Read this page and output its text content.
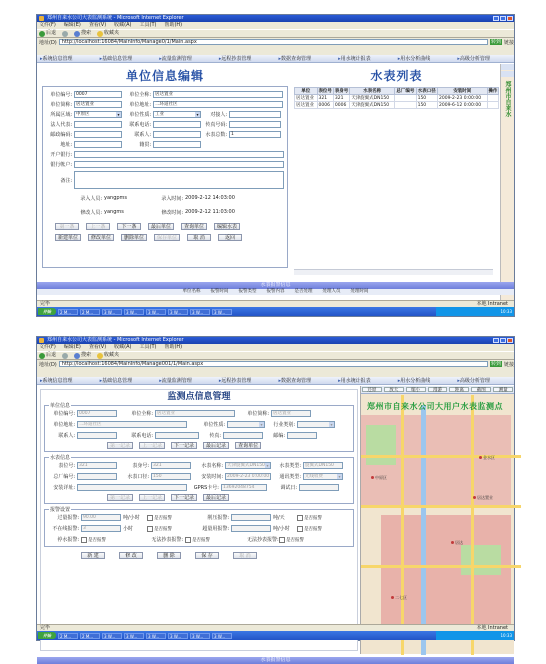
郑州自来水公司大表监测系统 - Microsoft Internet Explorer
文件(F) 编辑(E) 查看(V) 收藏(A) 工具(T) 帮助(H)
后退	搜索	收藏夹
地址(D)	http://localhost:16084/MainInfo/Manage0/1/Main.aspx	转到 链接
▸ 系统信息管理	▸ 基础信息管理	▸ 流量监测管理	▸ 远程抄表管理	▸ 数据查询管理	▸ 用水统计报表	▸ 用水分析曲线	▸ 高级分析管理
单位信息编辑
单位编号: 0007	单位全称: 居达置业
单位简称: 居达置业	单位地址: 二环道社区
所属区域: 中原区 ▾	单位性质: 工业 ▾	对接人:
法人代表:	联系电话:	传真号码:
邮政编码:	联系人:	水表总数: 1
地址:	籍贯:
开户银行:
银行帐户:
备注:
录入人员: yangpms	录入时间: 2009-2-12 14:03:00
修改人员: yangms	修改时间: 2009-2-12 11:03:00
第一条	上一条	下一条	最后单位	查询单位	编辑水表
新建单位	修改单位	删除单位	保存单位	取 消	返回
水表列表
单位	表位号	表身号	水表名称	总厂编号	水表口径	安装时间	操作
居达置业	321	321	天津旋翼式DN150		150	2009-2-23 0:00:00	
居达置业	0006	0006	天津旋翼式DN150		150	2009-6-12 0:00:00		郑州市自来水
水表报警信息
单位名称 报警时间 报警类型 报警内容 是否处理 处理人员 处理时间
完毕	本地 Intranet
开始	2 M...	2 M...	3 W...	3 W...	3 W...	3 W...	3 W...	3 W...	10:33
郑州自来水公司大表监测系统 - Microsoft Internet Explorer
文件(F) 编辑(E) 查看(V) 收藏(A) 工具(T) 帮助(H)
后退	搜索	收藏夹
地址(D)	http://localhost:16084/MainInfo/Manage001/1/Main.aspx	转到 链接
▸ 系统信息管理	▸ 基础信息管理	▸ 流量监测管理	▸ 远程抄表管理	▸ 数据查询管理	▸ 用水统计报表	▸ 用水分析曲线	▸ 高级分析管理
监测点信息管理
单位信息
单位编号: 0007	单位全称: 居达置业	单位简称: 居达置业
单位地址: 二环道社区	单位性质: ▾	行业类别:
▾
联系人:	联系电话:	传真:	邮编:
第一记录	上一记录	下一记录	最后记录	查询单位
水表信息
表位号: 321	表身号: 321	水表名称: 天津旋翼式DN150 ▾	水表类型: 旋翼式DN150
总厂编号:	水表口径: 150	安装时间: 2009-2-23 0:00:00	通讯类型: 无线收费 ▾
安装详址:	GPRS卡号: 13692048754	调试日:
第一记录	上一记录	下一记录	最后记录
报警设置
过量报警: 90.00	吨/小时	是否报警	削压报警:	吨/天	是否报警
不在线报警: 3	小时	是否报警	超量用报警:	吨/小时	是否报警
停水报警:	是否报警	无法抄表报警:	是否报警	无法抄表报警:	是否报警
新 建	修 改	删 除	保 存	取 消
还原	放大	缩小	漫游	距离	截图	测量
居达置业
居达
中原区
二七区
金水区
郑州市自来水公司大用户水表监测点
水表报警信息
完毕	本地 Intranet
开始	2 M...	2 M...	3 W...	3 W...	3 W...	3 W...	3 W...	3 W...	10:33
